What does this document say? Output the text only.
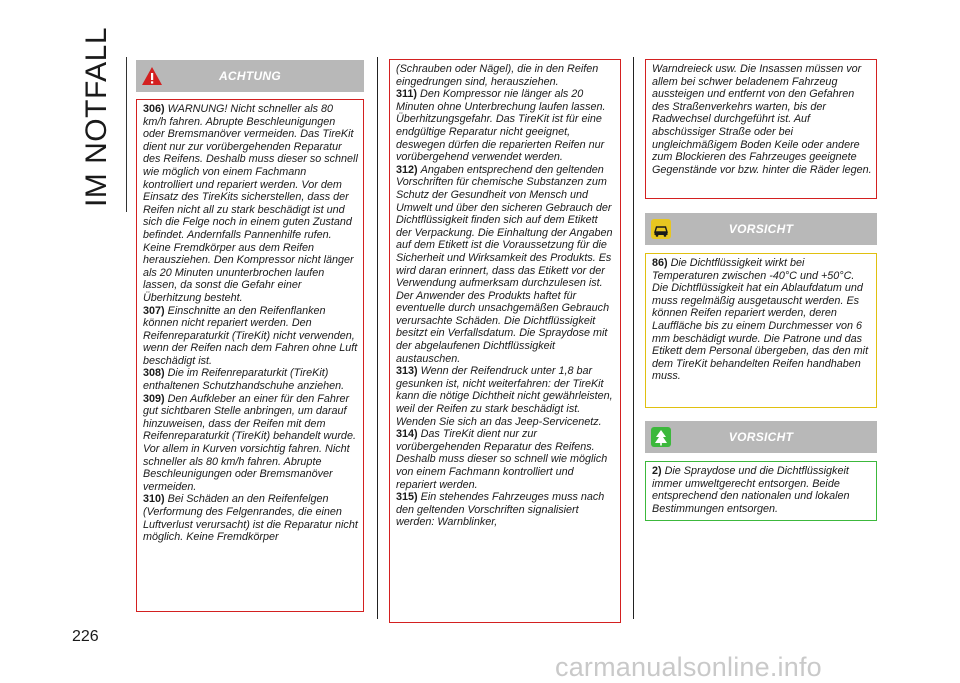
IM NOTFALL
226
ACHTUNG

306) WARNUNG! Nicht schneller als 80 km/h fahren. Abrupte Beschleunigungen oder Bremsmanöver vermeiden. Das TireKit dient nur zur vorübergehenden Reparatur des Reifens. Deshalb muss dieser so schnell wie möglich von einem Fachmann kontrolliert und repariert werden. Vor dem Einsatz des TireKits sicherstellen, dass der Reifen nicht all zu stark beschädigt ist und sich die Felge noch in einem guten Zustand befindet. Andernfalls Pannenhilfe rufen. Keine Fremdkörper aus dem Reifen herausziehen. Den Kompressor nicht länger als 20 Minuten ununterbrochen laufen lassen, da sonst die Gefahr einer Überhitzung besteht.

307) Einschnitte an den Reifenflanken können nicht repariert werden. Den Reifenreparaturkit (TireKit) nicht verwenden, wenn der Reifen nach dem Fahren ohne Luft beschädigt ist.

308) Die im Reifenreparaturkit (TireKit) enthaltenen Schutzhandschuhe anziehen.

309) Den Aufkleber an einer für den Fahrer gut sichtbaren Stelle anbringen, um darauf hinzuweisen, dass der Reifen mit dem Reifenreparaturkit (TireKit) behandelt wurde. Vor allem in Kurven vorsichtig fahren. Nicht schneller als 80 km/h fahren. Abrupte Beschleunigungen oder Bremsmanöver vermeiden.

310) Bei Schäden an den Reifenfelgen (Verformung des Felgenrandes, die einen Luftverlust verursacht) ist die Reparatur nicht möglich. Keine Fremdkörper

(Schrauben oder Nägel), die in den Reifen eingedrungen sind, herausziehen.

311) Den Kompressor nie länger als 20 Minuten ohne Unterbrechung laufen lassen. Überhitzungsgefahr. Das TireKit ist für eine endgültige Reparatur nicht geeignet, deswegen dürfen die reparierten Reifen nur vorübergehend verwendet werden.

312) Angaben entsprechend den geltenden Vorschriften für chemische Substanzen zum Schutz der Gesundheit von Mensch und Umwelt und über den sicheren Gebrauch der Dichtflüssigkeit finden sich auf dem Etikett der Verpackung. Die Einhaltung der Angaben auf dem Etikett ist die Voraussetzung für die Sicherheit und Wirksamkeit des Produkts. Es wird daran erinnert, dass das Etikett vor der Verwendung aufmerksam durchzulesen ist. Der Anwender des Produkts haftet für eventuelle durch unsachgemäßen Gebrauch verursachte Schäden. Die Dichtflüssigkeit besitzt ein Verfallsdatum. Die Spraydose mit der abgelaufenen Dichtflüssigkeit austauschen.

313) Wenn der Reifendruck unter 1,8 bar gesunken ist, nicht weiterfahren: der TireKit kann die nötige Dichtheit nicht gewährleisten, weil der Reifen zu stark beschädigt ist. Wenden Sie sich an das Jeep-Servicenetz.

314) Das TireKit dient nur zur vorübergehenden Reparatur des Reifens. Deshalb muss dieser so schnell wie möglich von einem Fachmann kontrolliert und repariert werden.

315) Ein stehendes Fahrzeuges muss nach den geltenden Vorschriften signalisiert werden: Warnblinker,

Warndreieck usw. Die Insassen müssen vor allem bei schwer beladenem Fahrzeug aussteigen und entfernt von den Gefahren des Straßenverkehrs warten, bis der Radwechsel durchgeführt ist. Auf abschüssiger Straße oder bei ungleichmäßigem Boden Keile oder andere zum Blockieren des Fahrzeuges geeignete Gegenstände vor bzw. hinter die Räder legen.

VORSICHT

86) Die Dichtflüssigkeit wirkt bei Temperaturen zwischen -40°C und +50°C. Die Dichtflüssigkeit hat ein Ablaufdatum und muss regelmäßig ausgetauscht werden. Es können Reifen repariert werden, deren Lauffläche bis zu einem Durchmesser von 6 mm beschädigt wurde. Die Patrone und das Etikett dem Personal übergeben, das den mit dem TireKit behandelten Reifen handhaben muss.

VORSICHT

2) Die Spraydose und die Dichtflüssigkeit immer umweltgerecht entsorgen. Beide entsprechend den nationalen und lokalen Bestimmungen entsorgen.

carmanualsonline.info
